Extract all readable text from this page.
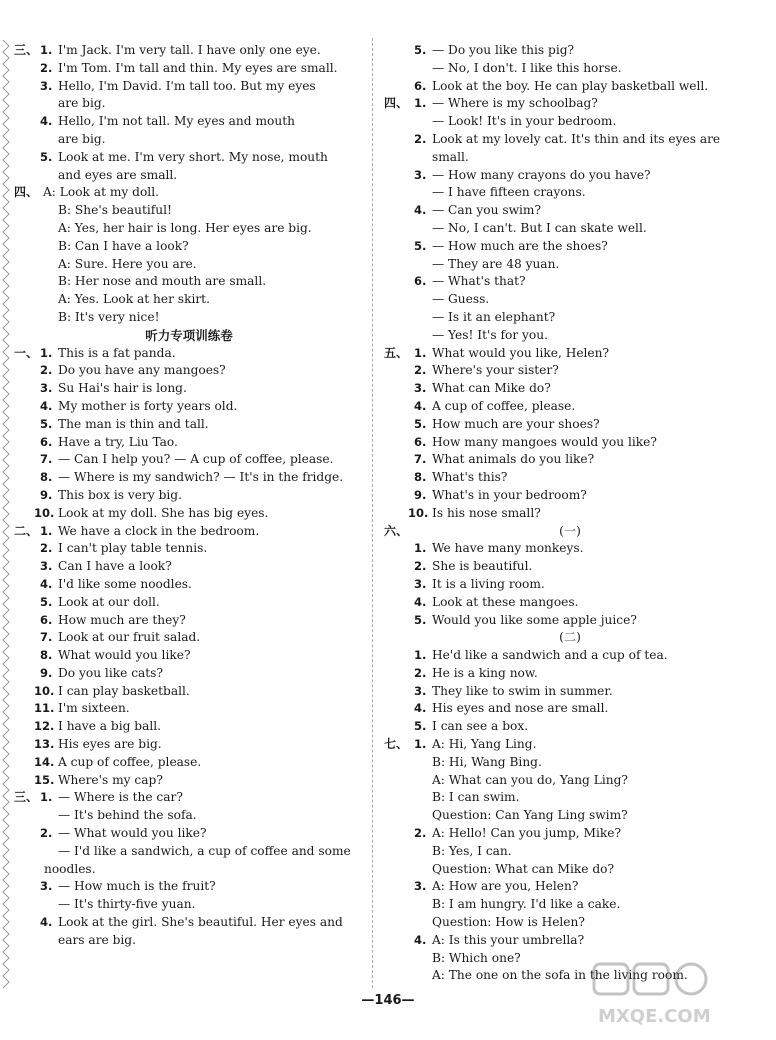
三、 1. I'm Jack. I'm very tall. I have only one eye.
2. I'm Tom. I'm tall and thin. My eyes are small.
3. Hello, I'm David. I'm tall too. But my eyes
are big.
4. Hello, I'm not tall. My eyes and mouth
are big.
5. Look at me. I'm very short. My nose, mouth
and eyes are small.
四、 A: Look at my doll.
B: She's beautiful!
A: Yes, her hair is long. Her eyes are big.
B: Can I have a look?
A: Sure. Here you are.
B: Her nose and mouth are small.
A: Yes. Look at her skirt.
B: It's very nice!
听力专项训练卷
一、 1. This is a fat panda.
2. Do you have any mangoes?
3. Su Hai's hair is long.
4. My mother is forty years old.
5. The man is thin and tall.
6. Have a try, Liu Tao.
7. — Can I help you? — A cup of coffee, please.
8. — Where is my sandwich? — It's in the fridge.
9. This box is very big.
10. Look at my doll. She has big eyes.
二、 1. We have a clock in the bedroom.
2. I can't play table tennis.
3. Can I have a look?
4. I'd like some noodles.
5. Look at our doll.
6. How much are they?
7. Look at our fruit salad.
8. What would you like?
9. Do you like cats?
10. I can play basketball.
11. I'm sixteen.
12. I have a big ball.
13. His eyes are big.
14. A cup of coffee, please.
15. Where's my cap?
三、 1. — Where is the car?
— It's behind the sofa.
2. — What would you like?
— I'd like a sandwich, a cup of coffee and some
noodles.
3. — How much is the fruit?
— It's thirty-five yuan.
4. Look at the girl. She's beautiful. Her eyes and
ears are big.
5. — Do you like this pig?
— No, I don't. I like this horse.
6. Look at the boy. He can play basketball well.
四、 1. — Where is my schoolbag?
— Look! It's in your bedroom.
2. Look at my lovely cat. It's thin and its eyes are
small.
3. — How many crayons do you have?
— I have fifteen crayons.
4. — Can you swim?
— No, I can't. But I can skate well.
5. — How much are the shoes?
— They are 48 yuan.
6. — What's that?
— Guess.
— Is it an elephant?
— Yes! It's for you.
五、 1. What would you like, Helen?
2. Where's your sister?
3. What can Mike do?
4. A cup of coffee, please.
5. How much are your shoes?
6. How many mangoes would you like?
7. What animals do you like?
8. What's this?
9. What's in your bedroom?
10. Is his nose small?
六、	(一)
1. We have many monkeys.
2. She is beautiful.
3. It is a living room.
4. Look at these mangoes.
5. Would you like some apple juice?
(二)
1. He'd like a sandwich and a cup of tea.
2. He is a king now.
3. They like to swim in summer.
4. His eyes and nose are small.
5. I can see a box.
七、 1. A: Hi, Yang Ling.
B: Hi, Wang Bing.
A: What can you do, Yang Ling?
B: I can swim.
Question: Can Yang Ling swim?
2. A: Hello! Can you jump, Mike?
B: Yes, I can.
Question: What can Mike do?
3. A: How are you, Helen?
B: I am hungry. I'd like a cake.
Question: How is Helen?
4. A: Is this your umbrella?
B: Which one?
A: The one on the sofa in the living room.
—146—
MXQE.COM
